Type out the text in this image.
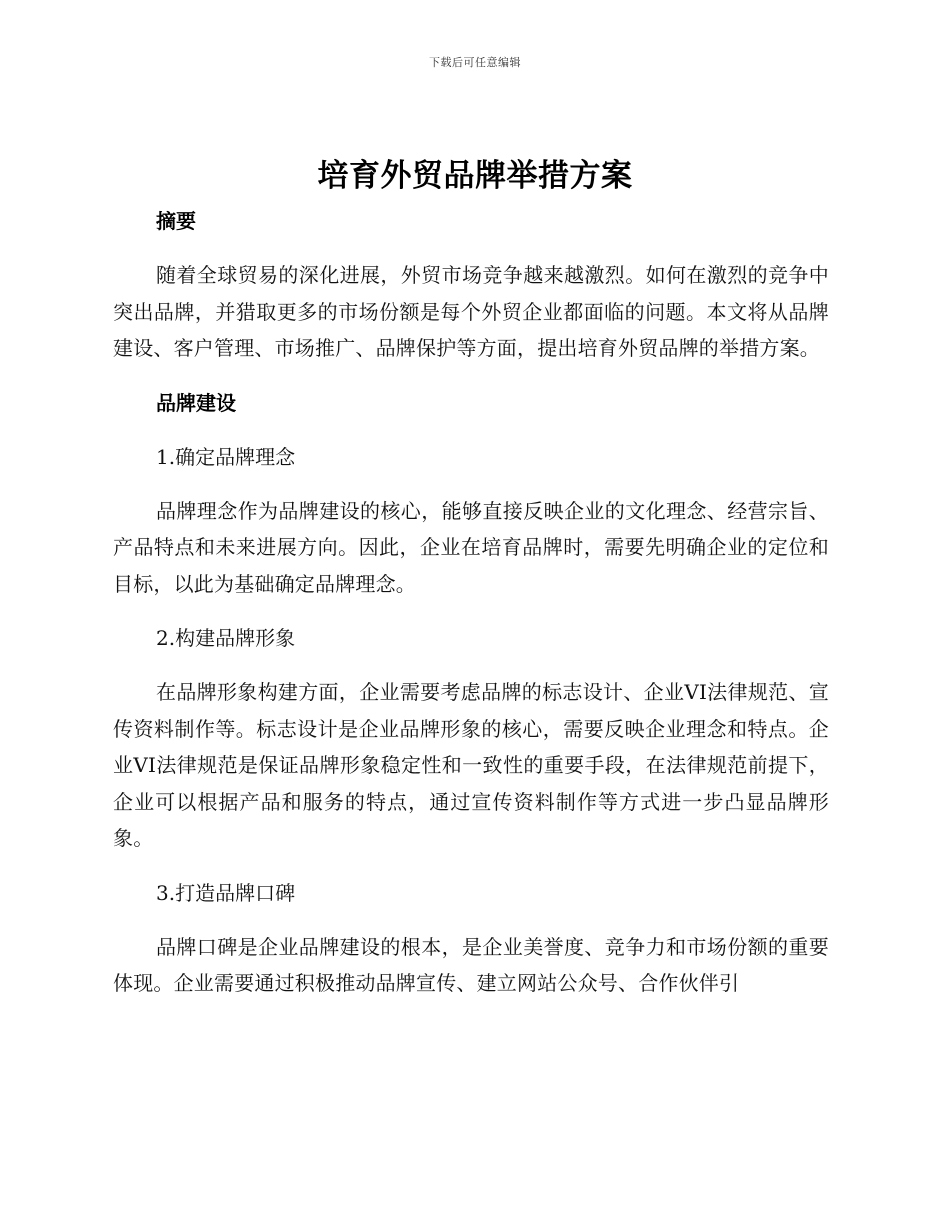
下载后可任意编辑
培育外贸品牌举措方案
摘要

随着全球贸易的深化进展，外贸市场竞争越来越激烈。如何在激烈的竞争中突出品牌，并猎取更多的市场份额是每个外贸企业都面临的问题。本文将从品牌建设、客户管理、市场推广、品牌保护等方面，提出培育外贸品牌的举措方案。

品牌建设
1.确定品牌理念

品牌理念作为品牌建设的核心，能够直接反映企业的文化理念、经营宗旨、产品特点和未来进展方向。因此，企业在培育品牌时，需要先明确企业的定位和目标，以此为基础确定品牌理念。

2.构建品牌形象

在品牌形象构建方面，企业需要考虑品牌的标志设计、企业VI法律规范、宣传资料制作等。标志设计是企业品牌形象的核心，需要反映企业理念和特点。企业VI法律规范是保证品牌形象稳定性和一致性的重要手段，在法律规范前提下，企业可以根据产品和服务的特点，通过宣传资料制作等方式进一步凸显品牌形象。

3.打造品牌口碑

品牌口碑是企业品牌建设的根本，是企业美誉度、竞争力和市场份额的重要体现。企业需要通过积极推动品牌宣传、建立网站公众号、合作伙伴引
